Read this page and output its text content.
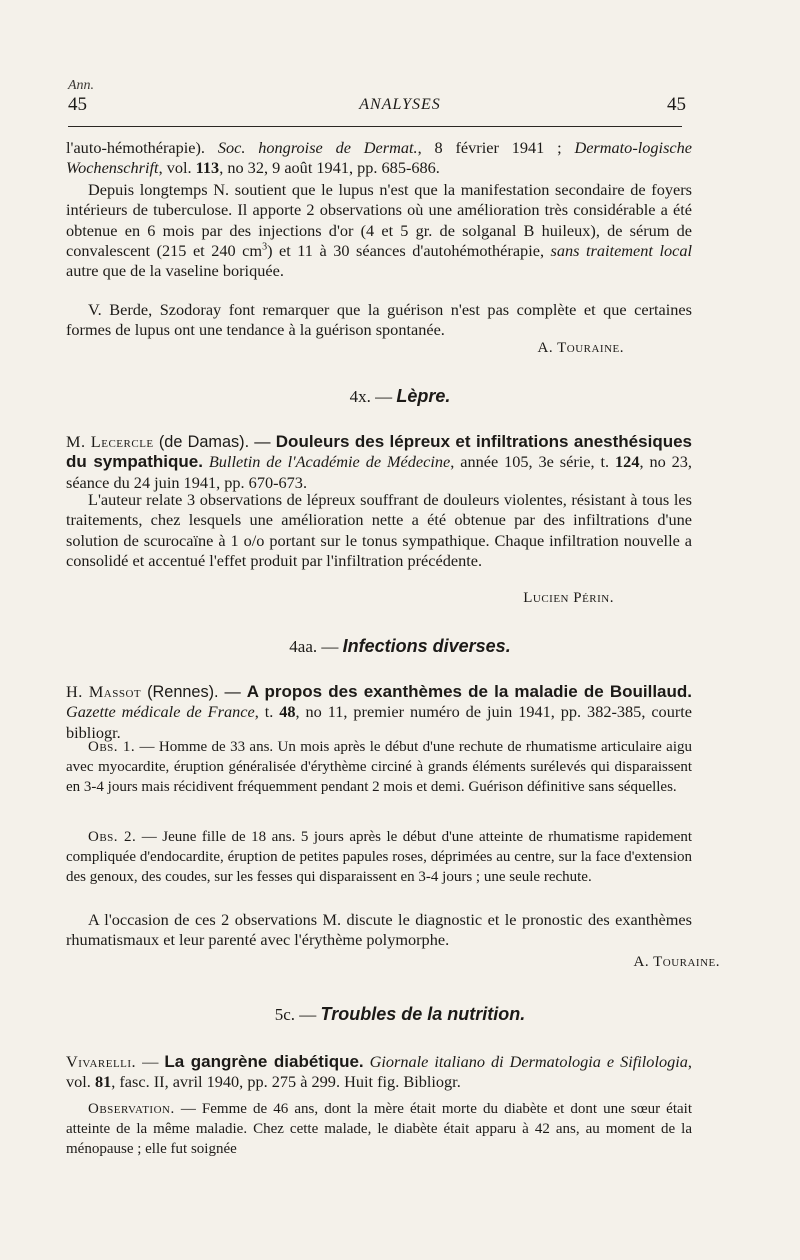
Ann.
45	ANALYSES	45

l'auto-hémothérapie). Soc. hongroise de Dermat., 8 février 1941 ; Dermato-logische Wochenschrift, vol. 113, no 32, 9 août 1941, pp. 685-686.

Depuis longtemps N. soutient que le lupus n'est que la manifestation secondaire de foyers intérieurs de tuberculose. Il apporte 2 observations où une amélioration très considérable a été obtenue en 6 mois par des injections d'or (4 et 5 gr. de solganal B huileux), de sérum de convalescent (215 et 240 $cm^3$) et 11 à 30 séances d'autohémothérapie, sans traitement local autre que de la vaseline boriquée.

V. Berde, Szodoray font remarquer que la guérison n'est pas complète et que certaines formes de lupus ont une tendance à la guérison spontanée.

A. Touraine.
4x. — Lèpre.

M. Lecercle (de Damas). — Douleurs des lépreux et infiltrations anesthésiques du sympathique. Bulletin de l'Académie de Médecine, année 105, 3e série, t. 124, no 23, séance du 24 juin 1941, pp. 670-673.

L'auteur relate 3 observations de lépreux souffrant de douleurs violentes, résistant à tous les traitements, chez lesquels une amélioration nette a été obtenue par des infiltrations d'une solution de scurocaïne à 1 o/o portant sur le tonus sympathique. Chaque infiltration nouvelle a consolidé et accentué l'effet produit par l'infiltration précédente.

Lucien Périn.
4aa. — Infections diverses.

H. Massot (Rennes). — A propos des exanthèmes de la maladie de Bouillaud. Gazette médicale de France, t. 48, no 11, premier numéro de juin 1941, pp. 382-385, courte bibliogr.

Obs. 1. — Homme de 33 ans. Un mois après le début d'une rechute de rhumatisme articulaire aigu avec myocardite, éruption généralisée d'érythème circiné à grands éléments surélevés qui disparaissent en 3-4 jours mais récidivent fréquemment pendant 2 mois et demi. Guérison définitive sans séquelles.

Obs. 2. — Jeune fille de 18 ans. 5 jours après le début d'une atteinte de rhumatisme rapidement compliquée d'endocardite, éruption de petites papules roses, déprimées au centre, sur la face d'extension des genoux, des coudes, sur les fesses qui disparaissent en 3-4 jours ; une seule rechute.

A l'occasion de ces 2 observations M. discute le diagnostic et le pronostic des exanthèmes rhumatismaux et leur parenté avec l'érythème polymorphe.

A. Touraine.
5c. — Troubles de la nutrition.

Vivarelli. — La gangrène diabétique. Giornale italiano di Dermatologia e Sifilologia, vol. 81, fasc. II, avril 1940, pp. 275 à 299. Huit fig. Bibliogr.

Observation. — Femme de 46 ans, dont la mère était morte du diabète et dont une sœur était atteinte de la même maladie. Chez cette malade, le diabète était apparu à 42 ans, au moment de la ménopause ; elle fut soignée
